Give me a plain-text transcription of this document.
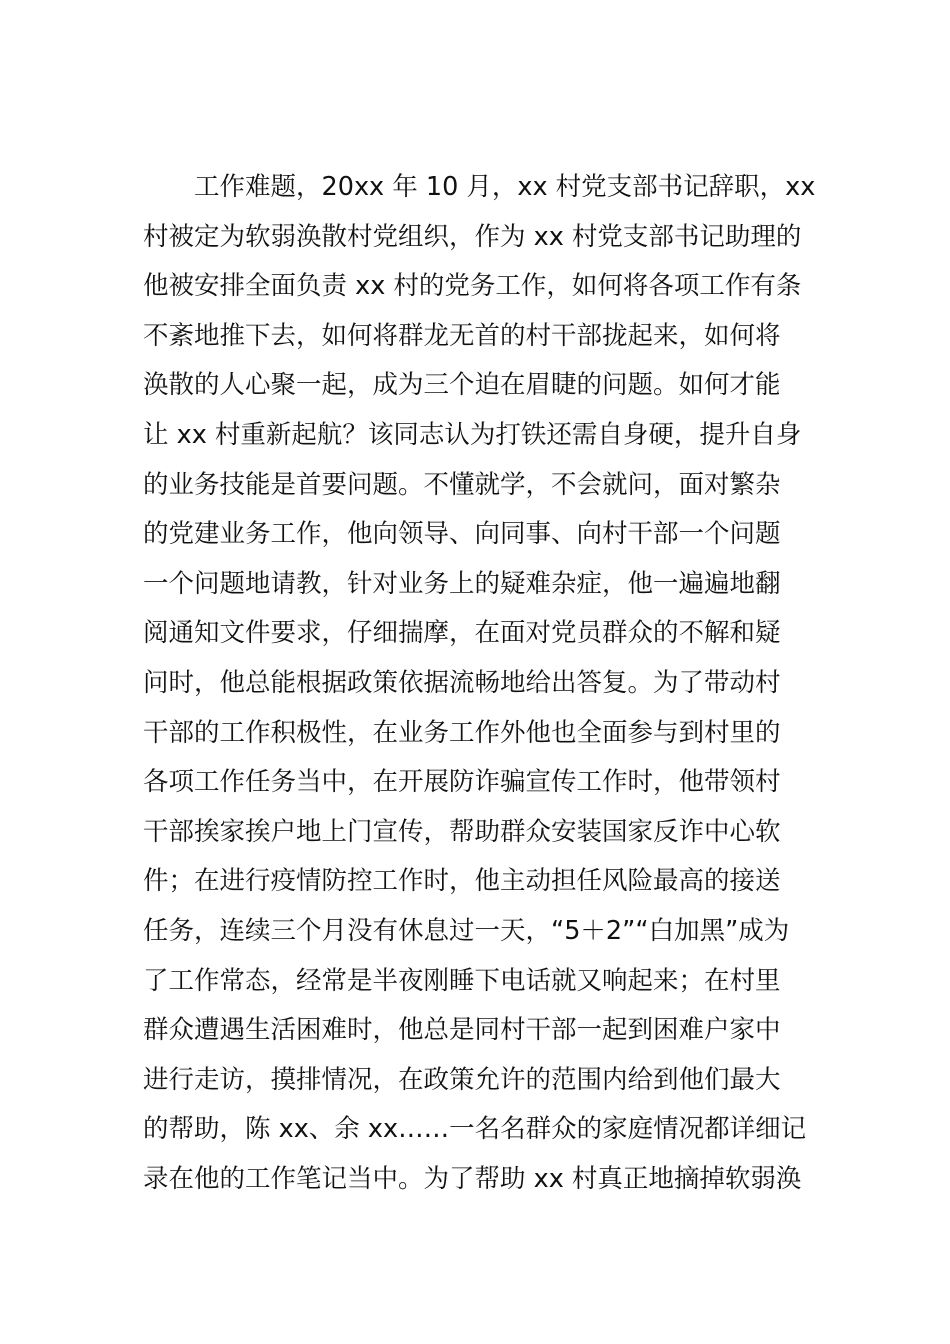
　　工作难题，20xx 年 10 月，xx 村党支部书记辞职，xx
村被定为软弱涣散村党组织，作为 xx 村党支部书记助理的
他被安排全面负责 xx 村的党务工作，如何将各项工作有条
不紊地推下去，如何将群龙无首的村干部拢起来，如何将
涣散的人心聚一起，成为三个迫在眉睫的问题。如何才能
让 xx 村重新起航？该同志认为打铁还需自身硬，提升自身
的业务技能是首要问题。不懂就学，不会就问，面对繁杂
的党建业务工作，他向领导、向同事、向村干部一个问题
一个问题地请教，针对业务上的疑难杂症，他一遍遍地翻
阅通知文件要求，仔细揣摩，在面对党员群众的不解和疑
问时，他总能根据政策依据流畅地给出答复。为了带动村
干部的工作积极性，在业务工作外他也全面参与到村里的
各项工作任务当中，在开展防诈骗宣传工作时，他带领村
干部挨家挨户地上门宣传，帮助群众安装国家反诈中心软
件；在进行疫情防控工作时，他主动担任风险最高的接送
任务，连续三个月没有休息过一天，“5＋2”“白加黑”成为
了工作常态，经常是半夜刚睡下电话就又响起来；在村里
群众遭遇生活困难时，他总是同村干部一起到困难户家中
进行走访，摸排情况，在政策允许的范围内给到他们最大
的帮助，陈 xx、余 xx……一名名群众的家庭情况都详细记
录在他的工作笔记当中。为了帮助 xx 村真正地摘掉软弱涣
